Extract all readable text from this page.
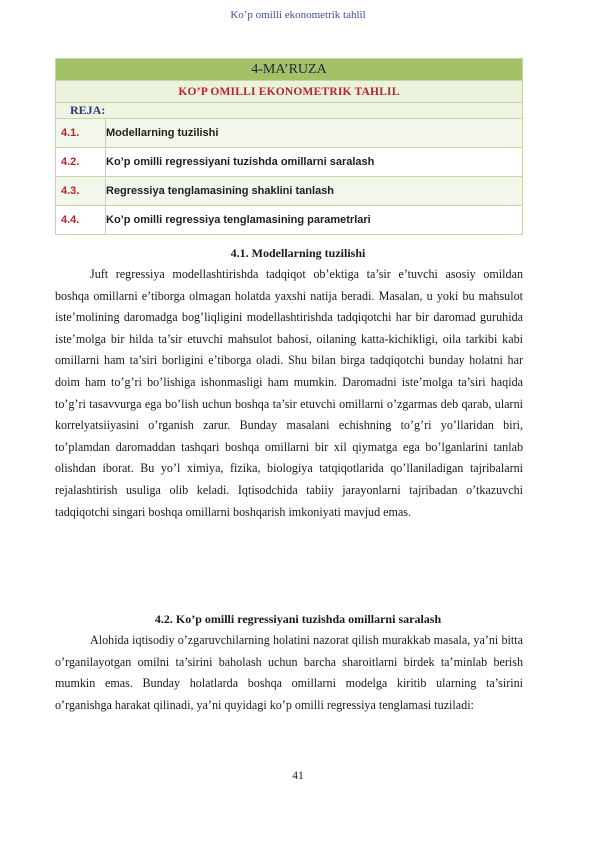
Ko’p omilli ekonometrik tahlil
4-MA’RUZA	
KO’P OMILLI EKONOMETRIK TAHLIL	
REJA:	
4.1.	Modellarning tuzilishi
4.2.	Ko’p omilli regressiyani tuzishda omillarni saralash
4.3.	Regressiya tenglamasining shaklini tanlash
4.4.	Ko’p omilli regressiya tenglamasining parametrlari
4.1. Modellarning tuzilishi

Juft regressiya modellashtirishda tadqiqot ob’ektiga ta’sir e’tuvchi asosiy omildan boshqa omillarni e’tiborga olmagan holatda yaxshi natija beradi. Masalan, u yoki bu mahsulot iste’molining daromadga bog’liqligini modellashtirishda tadqiqotchi har bir daromad guruhida iste’molga bir hilda ta’sir etuvchi mahsulot bahosi, oilaning katta-kichikligi, oila tarkibi kabi omillarni ham ta’siri borligini e’tiborga oladi. Shu bilan birga tadqiqotchi bunday holatni har doim ham to’g’ri bo’lishiga ishonmasligi ham mumkin. Daromadni iste’molga ta’siri haqida to’g’ri tasavvurga ega bo’lish uchun boshqa ta’sir etuvchi omillarni o’zgarmas deb qarab, ularni korrelyatsiiyasini o’rganish zarur. Bunday masalani echishning to’g’ri yo’llaridan biri, to’plamdan daromaddan tashqari boshqa omillarni bir xil qiymatga ega bo’lganlarini tanlab olishdan iborat. Bu yo’l ximiya, fizika, biologiya tatqiqotlarida qo’llaniladigan tajribalarni rejalashtirish usuliga olib keladi. Iqtisodchida tabiiy jarayonlarni tajribadan o’tkazuvchi tadqiqotchi singari boshqa omillarni boshqarish imkoniyati mavjud emas.

4.2. Ko’p omilli regressiyani tuzishda omillarni saralash

Alohida iqtisodiy o’zgaruvchilarning holatini nazorat qilish murakkab masala, ya’ni bitta o’rganilayotgan omilni ta’sirini baholash uchun barcha sharoitlarni birdek ta’minlab berish mumkin emas. Bunday holatlarda boshqa omillarni modelga kiritib ularning ta’sirini o’rganishga harakat qilinadi, ya’ni quyidagi ko’p omilli regressiya tenglamasi tuziladi:

41
